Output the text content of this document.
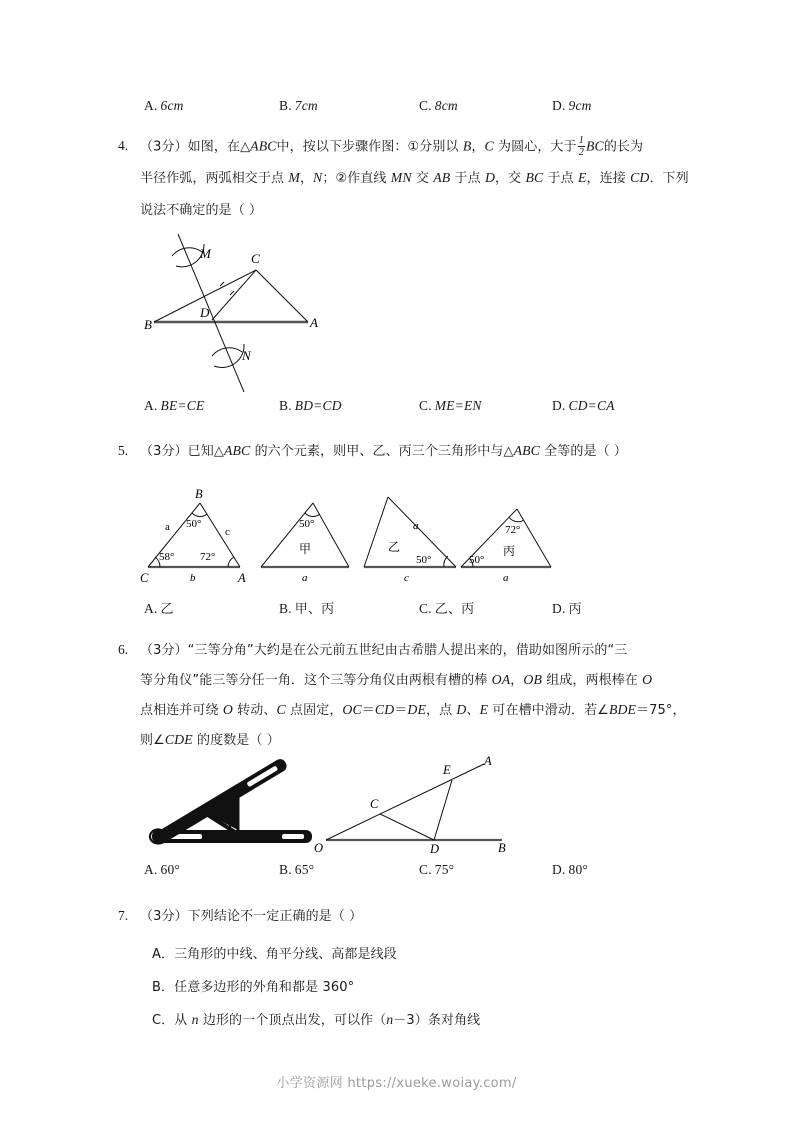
A. 6cm	B. 7cm	C. 8cm	D. 9cm
4. （3分）如图，在△ABC中，按以下步骤作图：①分别以 B，C 为圆心，大于 $\frac{1}{2}$ BC的长为
半径作弧，两弧相交于点 M，N；②作直线 MN 交 AB 于点 D，交 BC 于点 E，连接 CD．下列
说法不确定的是（ ）
B
C
A
D
M
N
A. BE=CE	B. BD=CD	C. ME=EN	D. CD=CA
5. （3分）已知△ABC 的六个元素，则甲、乙、丙三个三角形中与△ABC 全等的是（ ）
B
C	A
50°
58° 72°
a	c
b
50°
甲
a
a
乙
50°
c
72°
50°
丙
a
A. 乙	B. 甲、丙	C. 乙、丙	D. 丙
6. （3分）“三等分角”大约是在公元前五世纪由古希腊人提出来的，借助如图所示的“三
等分角仪”能三等分任一角．这个三等分角仪由两根有槽的棒 OA，OB 组成，两根棒在 O
点相连并可绕 O 转动、C 点固定，OC＝CD＝DE，点 D、E 可在槽中滑动．若∠BDE＝75°，
则∠CDE 的度数是（ ）
O
A
B
C
D
E
A. 60°	B. 65°	C. 75°	D. 80°
7. （3分）下列结论不一定正确的是（ ）
A．三角形的中线、角平分线、高都是线段
B．任意多边形的外角和都是 360°
C．从 n 边形的一个顶点出发，可以作（n－3）条对角线
小学资源网 https://xueke.woiay.com/
